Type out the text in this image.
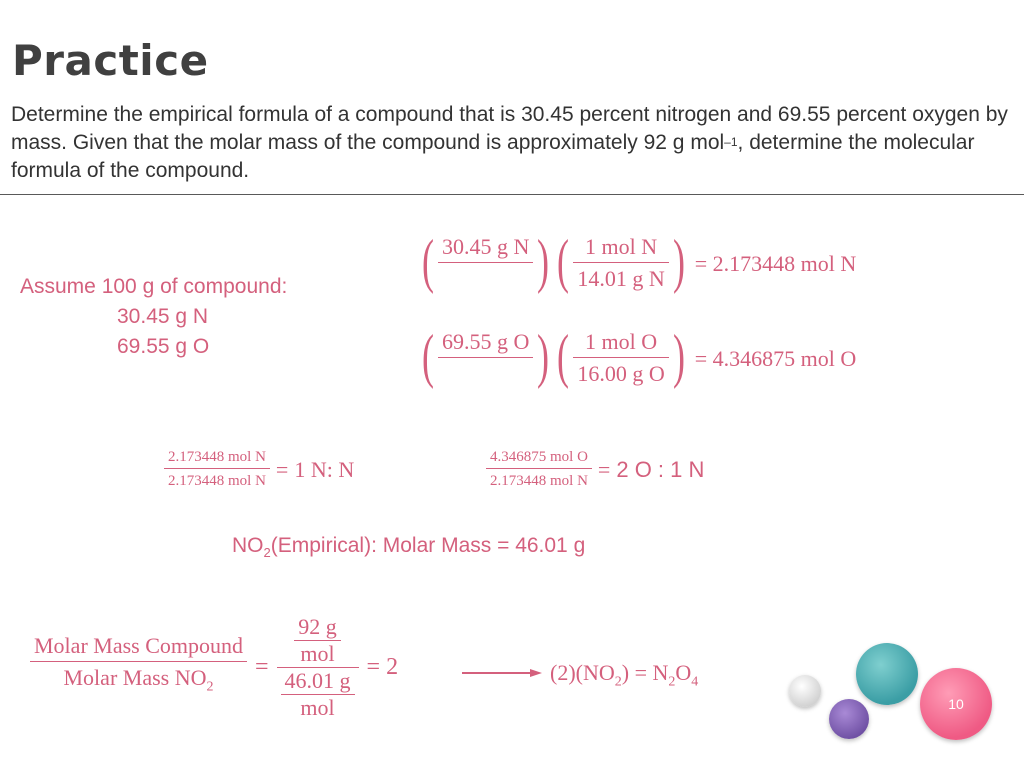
Practice
Determine the empirical formula of a compound that is 30.45 percent nitrogen and 69.55 percent oxygen by mass. Given that the molar mass of the compound is approximately 92 g mol$^{-1}$, determine the molecular formula of the compound.
Assume 100 g of compound:
30.45 g N
69.55 g O
( 30.45 g N
) ( $\frac{\text{1 mol N}}{\text{14.01 g N}}$ ) = 2.173448 mol N
( 69.55 g O
) ( $\frac{\text{1 mol O}}{\text{16.00 g O}}$ ) = 4.346875 mol O
$\frac{\text{2.173448 mol N}}{\text{2.173448 mol N}} = 1$ N: N	$\frac{\text{4.346875 mol O}}{\text{2.173448 mol N}} = 2$ O : 1 N
$NO_2(Empirical)$: Molar Mass = 46.01 g
$\frac{\text{Molar Mass Compound}}{Molar Mass NO_2} = \frac{\frac{92 g}{\text{mol}}}{\frac{46.01 g}{\text{mol}}} = 2$	$(2)(NO_2) = N_2O_4$
10
